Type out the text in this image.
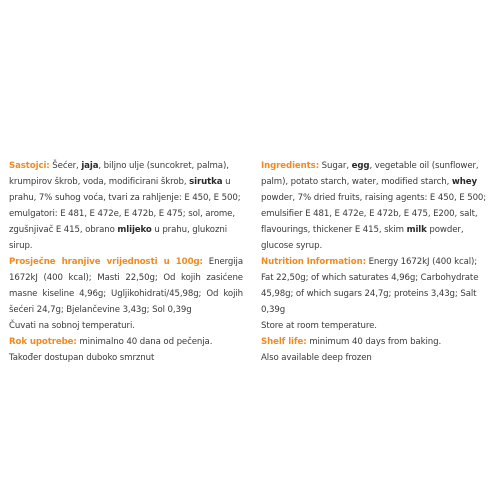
Sastojci: Šećer, jaja, biljno ulje (suncokret, palma), krumpirov škrob, voda, modificirani škrob, sirutka u prahu, 7% suhog voća, tvari za rahljenje: E 450, E 500; emulgatori: E 481, E 472e, E 472b, E 475; sol, arome, zgušnjivač E 415, obrano mlijeko u prahu, glukozni sirup.

Prosječne hranjive vrijednosti u 100g: Energija 1672kJ (400 kcal); Masti 22,50g; Od kojih zasićene masne kiseline 4,96g; Ugljikohidrati/45,98g; Od kojih šećeri 24,7g; Bjelančevine 3,43g; Sol 0,39g

Čuvati na sobnoj temperaturi.

Rok upotrebe: minimalno 40 dana od pečenja.

Također dostupan duboko smrznut

Ingredients: Sugar, egg, vegetable oil (sunflower, palm), potato starch, water, modified starch, whey powder, 7% dried fruits, raising agents: E 450, E 500; emulsifier E 481, E 472e, E 472b, E 475, E200, salt, flavourings, thickener E 415, skim milk powder, glucose syrup.

Nutrition Information: Energy 1672kJ (400 kcal); Fat 22,50g; of which saturates 4,96g; Carbohydrate 45,98g; of which sugars 24,7g; proteins 3,43g; Salt 0,39g

Store at room temperature.

Shelf life: minimum 40 days from baking.

Also available deep frozen
